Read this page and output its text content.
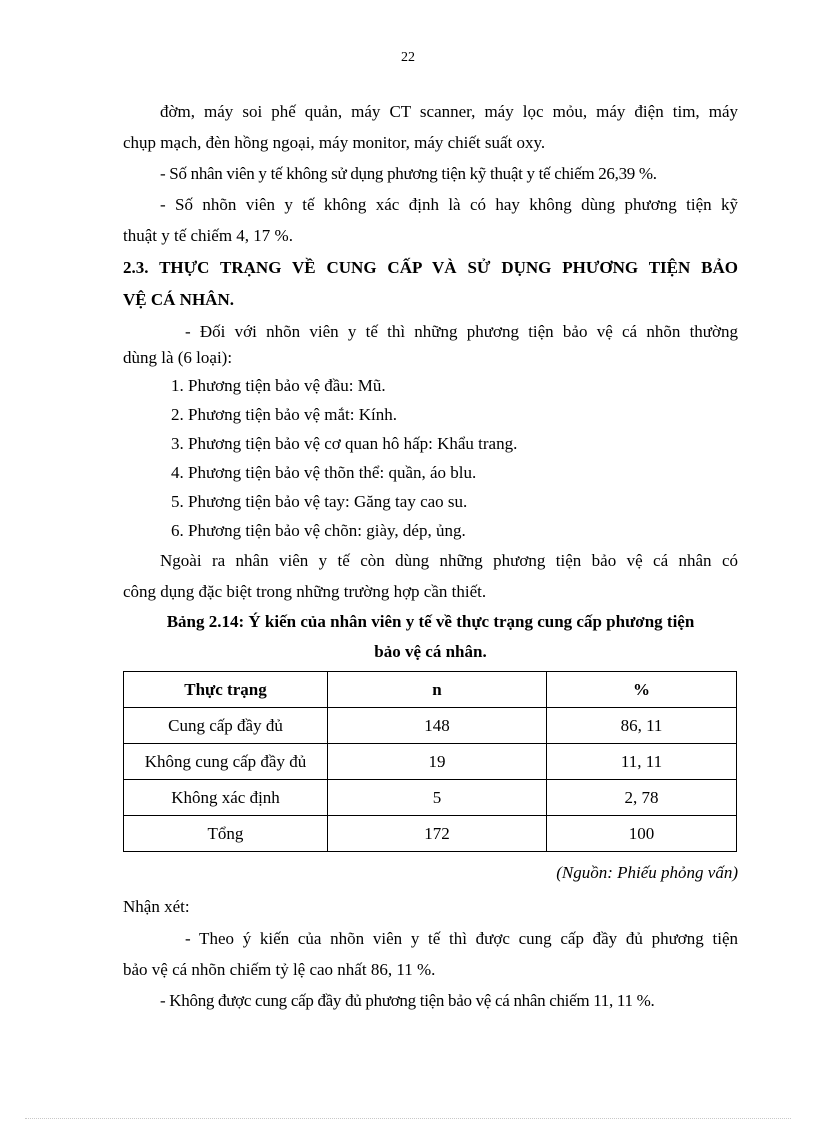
22
đờm, máy soi phế quản, máy CT scanner, máy lọc mỏu, máy điện tim, máy
chụp mạch, đèn hồng ngoại, máy monitor, máy chiết suất oxy.
- Số nhân viên y tế không sử dụng phương tiện kỹ thuật y tế chiếm 26,39 %.
- Số nhõn viên y tế không xác định là có hay không dùng phương tiện kỹ
thuật y tế chiếm 4, 17 %.
2.3. THỰC TRẠNG VỀ CUNG CẤP VÀ SỬ DỤNG PHƯƠNG TIỆN BẢO
VỆ CÁ NHÂN.
- Đối với nhõn viên y tế thì những phương tiện bảo vệ cá nhõn thường
dùng là (6 loại):
1. Phương tiện bảo vệ đầu: Mũ.
2. Phương tiện bảo vệ mắt: Kính.
3. Phương tiện bảo vệ cơ quan hô hấp: Khẩu trang.
4. Phương tiện bảo vệ thõn thể: quần, áo blu.
5. Phương tiện bảo vệ tay: Găng tay cao su.
6. Phương tiện bảo vệ chõn: giày, dép, ủng.
Ngoài ra nhân viên y tế còn dùng những phương tiện bảo vệ cá nhân có
công dụng đặc biệt trong những trường hợp cần thiết.
Bảng 2.14: Ý kiến của nhân viên y tế về thực trạng cung cấp phương tiện
bảo vệ cá nhân.
Thực trạng	n	%
Cung cấp đầy đủ	148	86, 11
Không cung cấp đầy đủ	19	11, 11
Không xác định	5	2, 78
Tổng	172	100
(Nguồn: Phiếu phỏng vấn)
Nhận xét:
- Theo ý kiến của nhõn viên y tế thì được cung cấp đầy đủ phương tiện
bảo vệ cá nhõn chiếm tỷ lệ cao nhất 86, 11 %.
- Không được cung cấp đầy đủ phương tiện bảo vệ cá nhân chiếm 11, 11 %.
